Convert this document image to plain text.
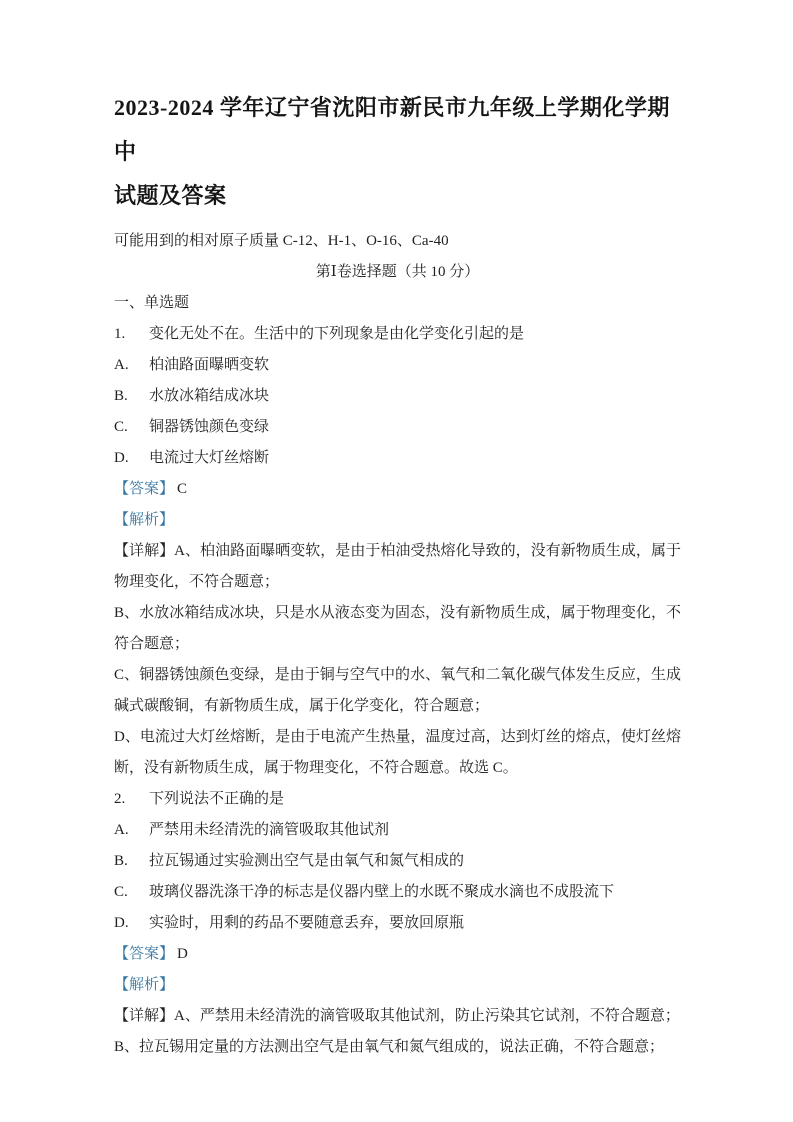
2023-2024 学年辽宁省沈阳市新民市九年级上学期化学期中
试题及答案

可能用到的相对原子质量 C-12、H-1、O-16、Ca-40

第Ⅰ卷选择题（共 10 分）

一、单选题

1. 变化无处不在。生活中的下列现象是由化学变化引起的是

A. 柏油路面曝晒变软

B. 水放冰箱结成冰块

C. 铜器锈蚀颜色变绿

D. 电流过大灯丝熔断

【答案】 C

【解析】

【详解】A、柏油路面曝晒变软，是由于柏油受热熔化导致的，没有新物质生成，属于物理变化，不符合题意；

B、水放冰箱结成冰块，只是水从液态变为固态，没有新物质生成，属于物理变化，不符合题意；

C、铜器锈蚀颜色变绿，是由于铜与空气中的水、氧气和二氧化碳气体发生反应，生成碱式碳酸铜，有新物质生成，属于化学变化，符合题意；

D、电流过大灯丝熔断，是由于电流产生热量，温度过高，达到灯丝的熔点，使灯丝熔断，没有新物质生成，属于物理变化，不符合题意。故选 C。

2. 下列说法不正确的是

A. 严禁用未经清洗的滴管吸取其他试剂

B. 拉瓦锡通过实验测出空气是由氧气和氮气相成的

C. 玻璃仪器洗涤干净的标志是仪器内壁上的水既不聚成水滴也不成股流下

D. 实验时，用剩的药品不要随意丢弃，要放回原瓶

【答案】 D

【解析】

【详解】A、严禁用未经清洗的滴管吸取其他试剂，防止污染其它试剂，不符合题意；

B、拉瓦锡用定量的方法测出空气是由氧气和氮气组成的，说法正确，不符合题意；
